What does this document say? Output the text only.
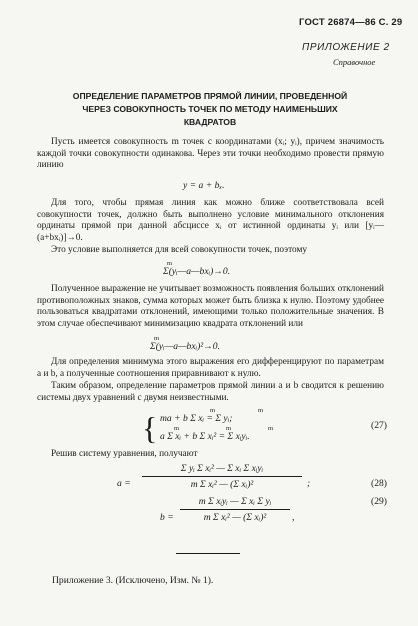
ГОСТ 26874—86 С. 29
ПРИЛОЖЕНИЕ 2
Справочное
ОПРЕДЕЛЕНИЕ ПАРАМЕТРОВ ПРЯМОЙ ЛИНИИ, ПРОВЕДЕННОЙ
ЧЕРЕЗ СОВОКУПНОСТЬ ТОЧЕК ПО МЕТОДУ НАИМЕНЬШИХ
КВАДРАТОВ
Пусть имеется совокупность m точек с координатами (xᵢ; yᵢ), причем значимость каждой точки совокупности одинакова. Через эти точки необходимо провести прямую линию
y = a + bₓ.
Для того, чтобы прямая линия как можно ближе соответствовала всей совокупности точек, должно быть выполнено условие минимального отклонения ординаты прямой при данной абсциссе xᵢ от истинной ординаты yᵢ или [yᵢ—(a+bxᵢ)]→0.
Это условие выполняется для всей совокупности точек, поэтому
m
Σ(yᵢ—a—bxᵢ)→0.
Полученное выражение не учитывает возможность появления больших отклонений противоположных знаков, сумма которых может быть близка к нулю. Поэтому удобнее пользоваться квадратами отклонений, имеющими только положительные значения. В этом случае обеспечивают минимизацию квадрата отклонений или
m
Σ(yᵢ—a—bxᵢ)²→0.
Для определения минимума этого выражения его дифференцируют по параметрам a и b, а полученные соотношения приравнивают к нулю.
Таким образом, определение параметров прямой линии a и b сводится к решению системы двух уравнений с двумя неизвестными.
{	m	m
ma + b Σ xᵢ = Σ yᵢ;
m	m	m
a Σ xᵢ + b Σ xᵢ² = Σ xᵢyᵢ.
(27)
Решив систему уравнения, получают
a =
Σ yᵢ Σ xᵢ² — Σ xᵢ Σ xᵢyᵢ
m Σ xᵢ² — (Σ xᵢ)²	;	(28)
b =
m Σ xᵢyᵢ — Σ xᵢ Σ yᵢ
m Σ xᵢ² — (Σ xᵢ)²	,
(29)
Приложение 3. (Исключено, Изм. № 1).
